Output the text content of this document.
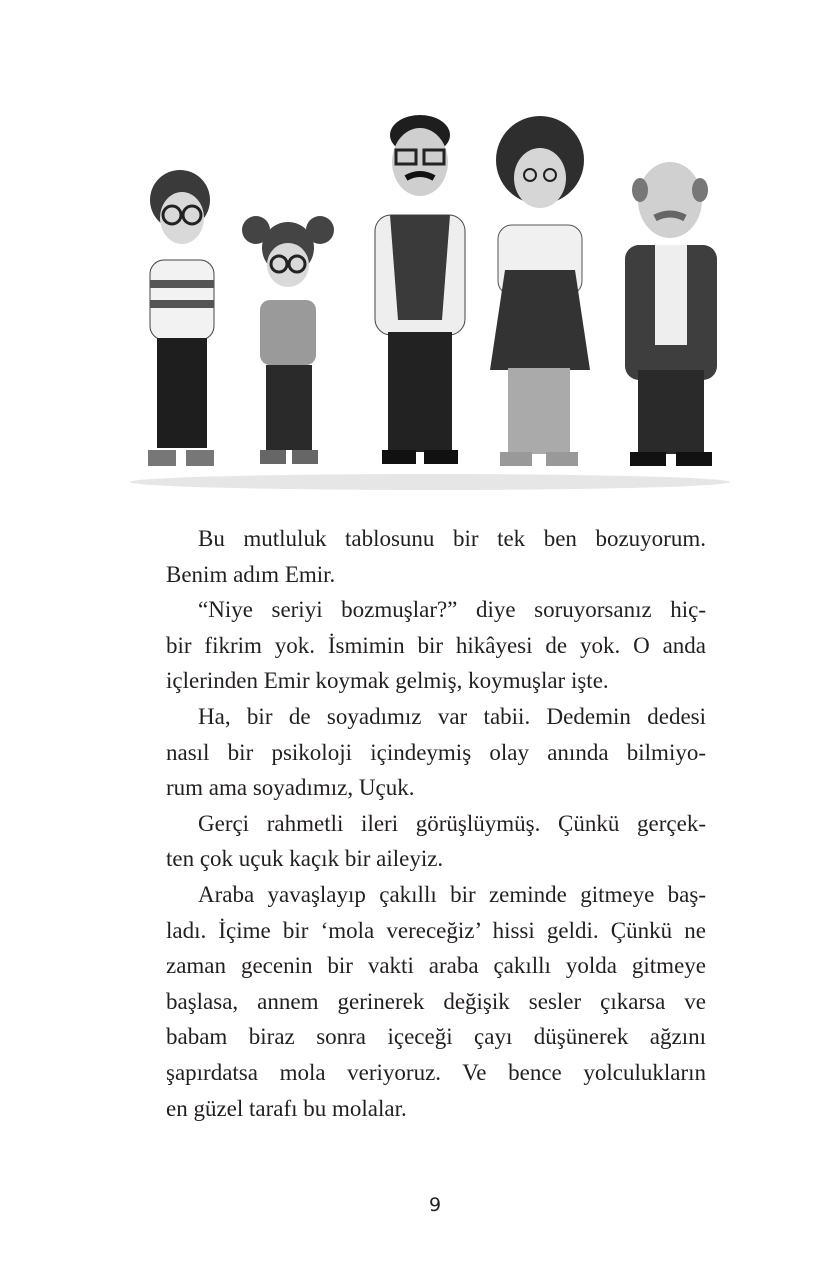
Bu mutluluk tablosunu bir tek ben bozuyorum.
Benim adım Emir.
“Niye seriyi bozmuşlar?” diye soruyorsanız hiç-
bir fikrim yok. İsmimin bir hikâyesi de yok. O anda
içlerinden Emir koymak gelmiş, koymuşlar işte.
Ha, bir de soyadımız var tabii. Dedemin dedesi
nasıl bir psikoloji içindeymiş olay anında bilmiyo-
rum ama soyadımız, Uçuk.
Gerçi rahmetli ileri görüşlüymüş. Çünkü gerçek-
ten çok uçuk kaçık bir aileyiz.
Araba yavaşlayıp çakıllı bir zeminde gitmeye baş-
ladı. İçime bir ‘mola vereceğiz’ hissi geldi. Çünkü ne
zaman gecenin bir vakti araba çakıllı yolda gitmeye
başlasa, annem gerinerek değişik sesler çıkarsa ve
babam biraz sonra içeceği çayı düşünerek ağzını
şapırdatsa mola veriyoruz. Ve bence yolculukların
en güzel tarafı bu molalar.
9
